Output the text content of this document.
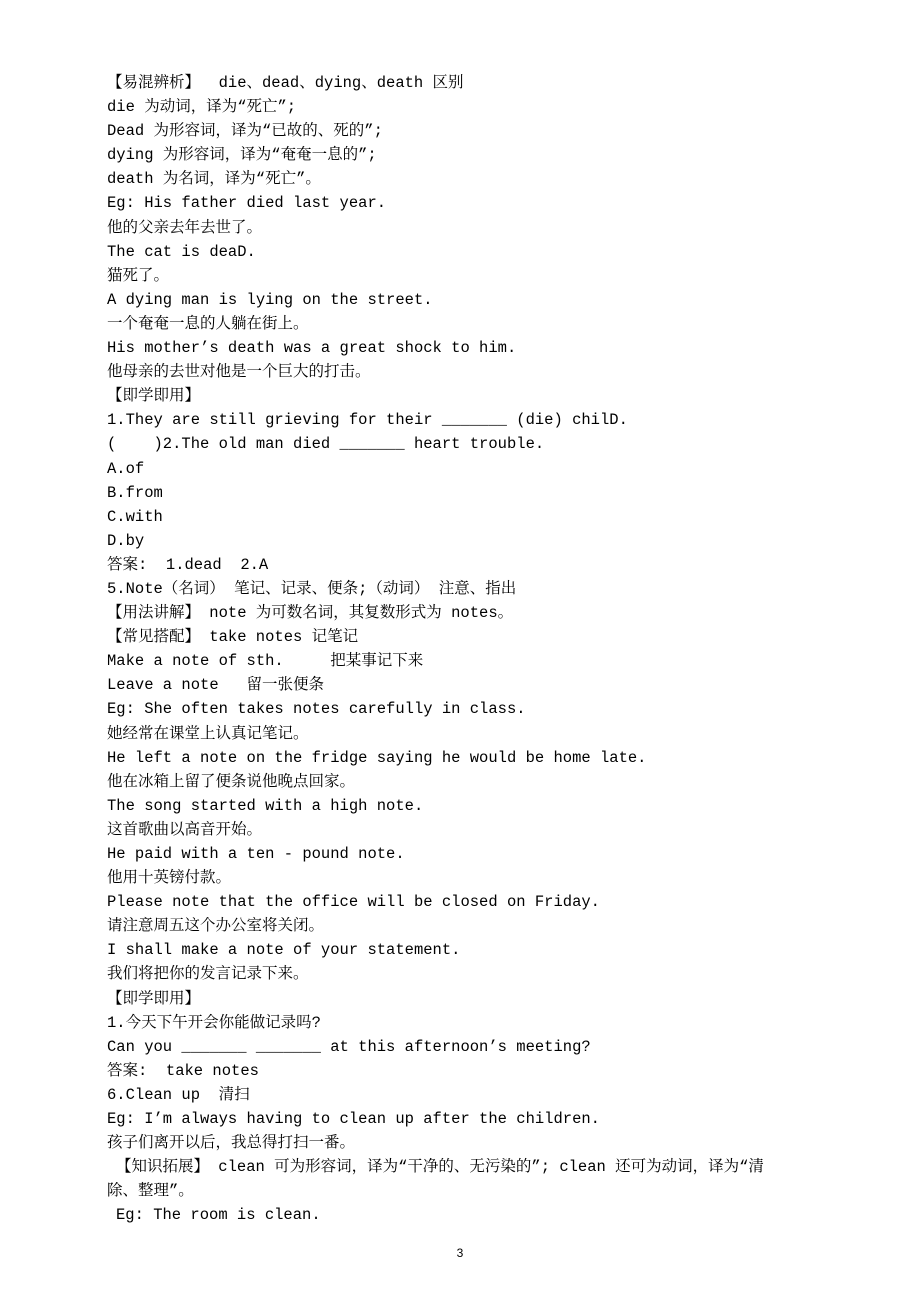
【易混辨析】  die、dead、dying、death 区别
die 为动词，译为“死亡”;
Dead 为形容词，译为“已故的、死的”;
dying 为形容词，译为“奄奄一息的”;
death 为名词，译为“死亡”。
Eg: His father died last year.
他的父亲去年去世了。
The cat is deaD.
猫死了。
A dying man is lying on the street.
一个奄奄一息的人躺在街上。
His mother’s death was a great shock to him.
他母亲的去世对他是一个巨大的打击。
【即学即用】
1.They are still grieving for their _______ (die) chilD.
(    )2.The old man died _______ heart trouble.
A.of
B.from
C.with
D.by
答案:  1.dead  2.A
5.Note（名词） 笔记、记录、便条;（动词） 注意、指出
【用法讲解】 note 为可数名词，其复数形式为 notes。
【常见搭配】 take notes 记笔记
Make a note of sth.     把某事记下来
Leave a note   留一张便条
Eg: She often takes notes carefully in class.
她经常在课堂上认真记笔记。
He left a note on the fridge saying he would be home late.
他在冰箱上留了便条说他晚点回家。
The song started with a high note.
这首歌曲以高音开始。
He paid with a ten - pound note.
他用十英镑付款。
Please note that the office will be closed on Friday.
请注意周五这个办公室将关闭。
I shall make a note of your statement.
我们将把你的发言记录下来。
【即学即用】
1.今天下午开会你能做记录吗?
Can you _______ _______ at this afternoon’s meeting?
答案:  take notes
6.Clean up  清扫
Eg: I’m always having to clean up after the children.
孩子们离开以后，我总得打扫一番。
【知识拓展】 clean 可为形容词，译为“干净的、无污染的”; clean 还可为动词，译为“清
除、整理”。
Eg: The room is clean.
3
